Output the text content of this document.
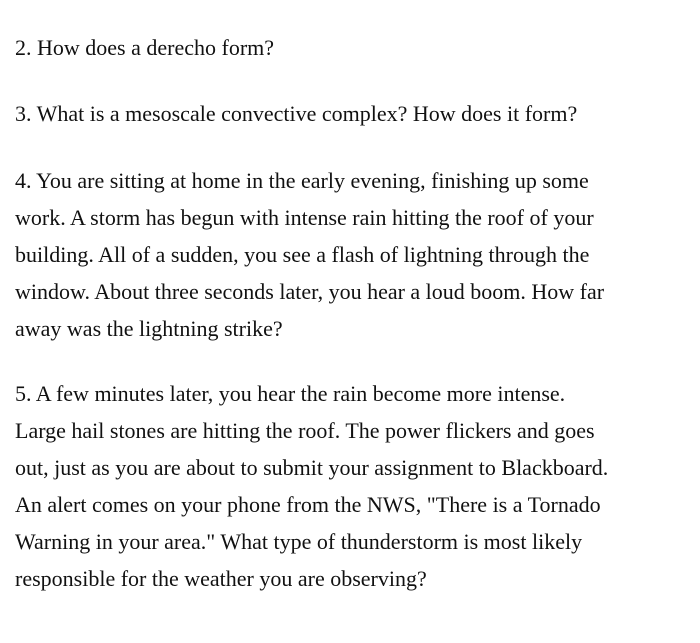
2. How does a derecho form?
3. What is a mesoscale convective complex? How does it form?
4. You are sitting at home in the early evening, finishing up some
work. A storm has begun with intense rain hitting the roof of your
building. All of a sudden, you see a flash of lightning through the
window. About three seconds later, you hear a loud boom. How far
away was the lightning strike?
5. A few minutes later, you hear the rain become more intense.
Large hail stones are hitting the roof. The power flickers and goes
out, just as you are about to submit your assignment to Blackboard.
An alert comes on your phone from the NWS, "There is a Tornado
Warning in your area." What type of thunderstorm is most likely
responsible for the weather you are observing?
